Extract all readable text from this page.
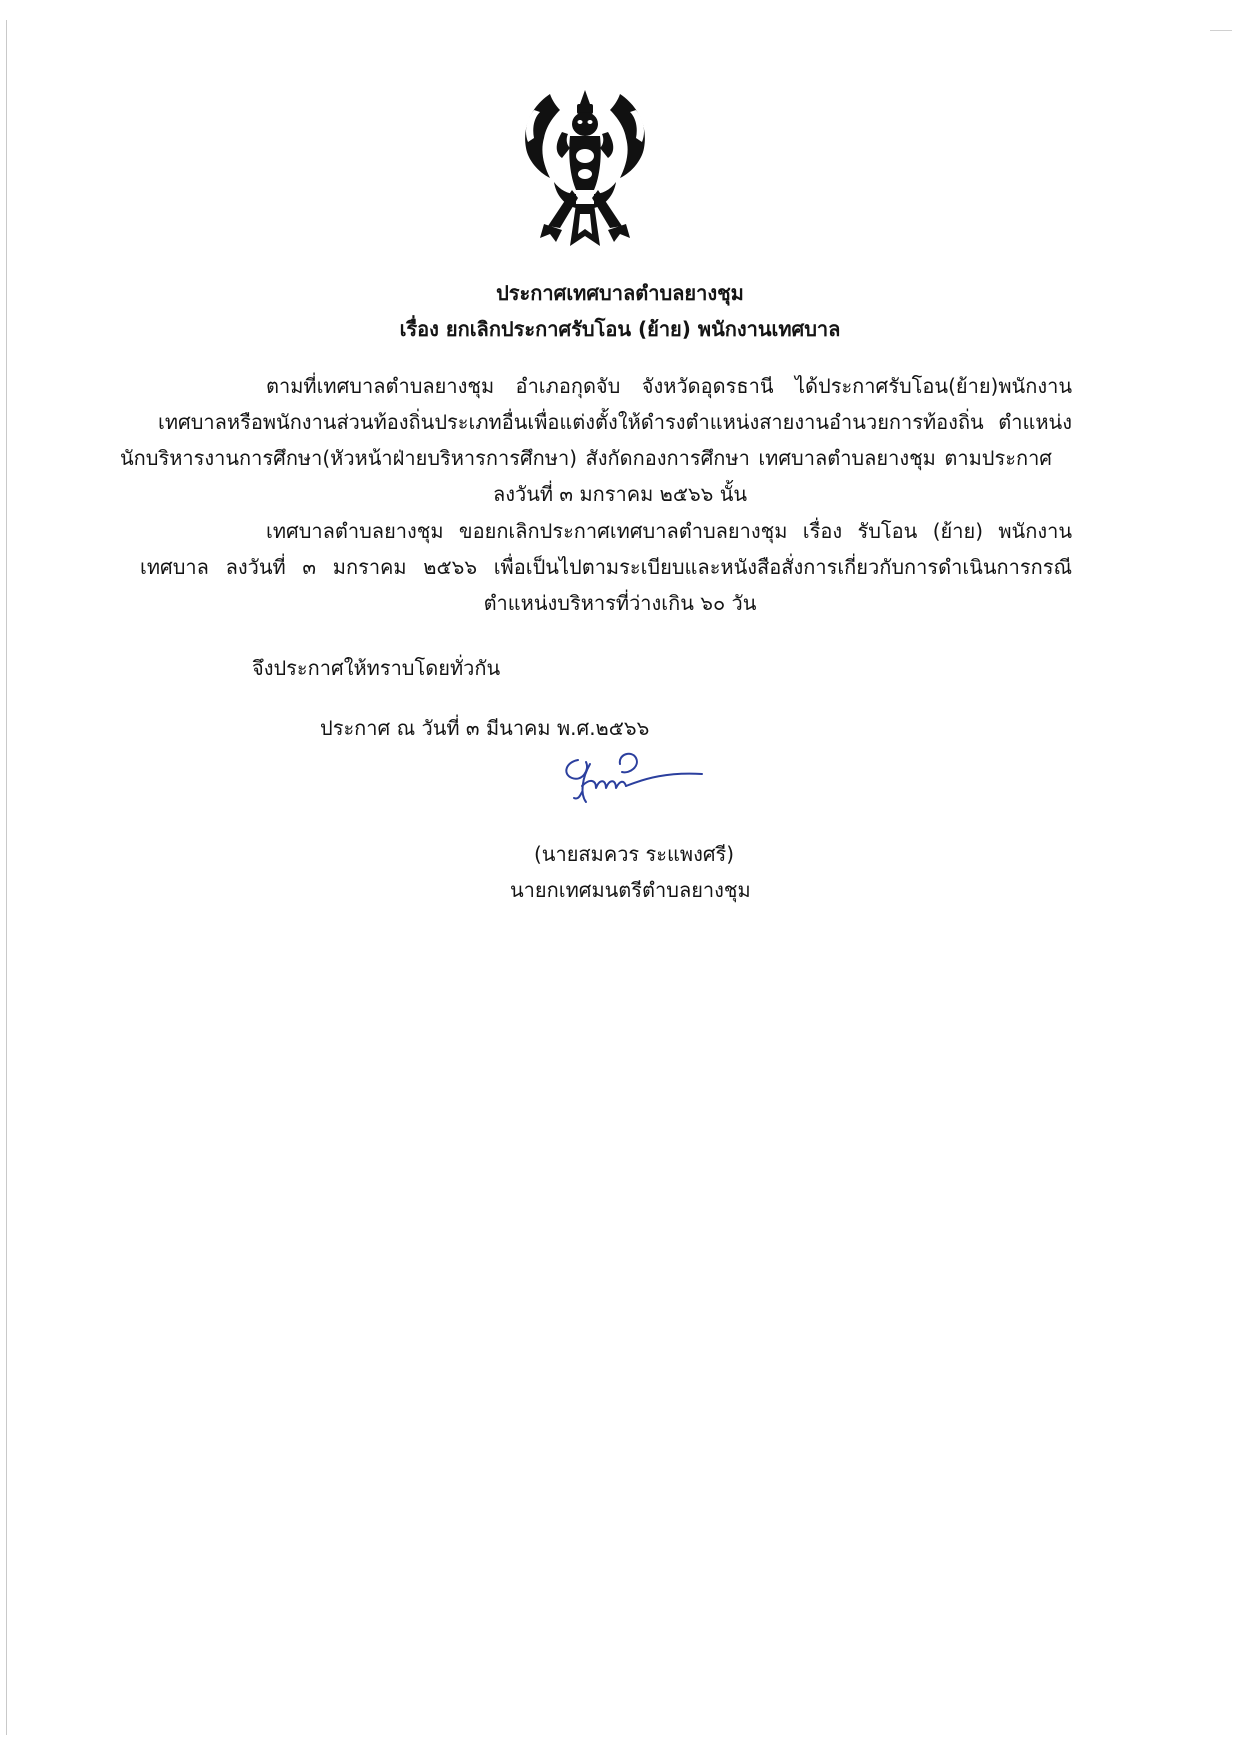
ประกาศเทศบาลตำบลยางชุม
เรื่อง ยกเลิกประกาศรับโอน (ย้าย) พนักงานเทศบาล
ตามที่เทศบาลตำบลยางชุม อำเภอกุดจับ จังหวัดอุดรธานี ได้ประกาศรับโอน(ย้าย)พนักงาน
เทศบาลหรือพนักงานส่วนท้องถิ่นประเภทอื่นเพื่อแต่งตั้งให้ดำรงตำแหน่งสายงานอำนวยการท้องถิ่น ตำแหน่ง
นักบริหารงานการศึกษา(หัวหน้าฝ่ายบริหารการศึกษา) สังกัดกองการศึกษา เทศบาลตำบลยางชุม ตามประกาศ
ลงวันที่ ๓ มกราคม ๒๕๖๖ นั้น
เทศบาลตำบลยางชุม ขอยกเลิกประกาศเทศบาลตำบลยางชุม เรื่อง รับโอน (ย้าย) พนักงาน
เทศบาล ลงวันที่ ๓ มกราคม ๒๕๖๖ เพื่อเป็นไปตามระเบียบและหนังสือสั่งการเกี่ยวกับการดำเนินการกรณี
ตำแหน่งบริหารที่ว่างเกิน ๖๐ วัน
จึงประกาศให้ทราบโดยทั่วกัน
ประกาศ ณ วันที่ ๓ มีนาคม พ.ศ.๒๕๖๖
(นายสมควร ระแพงศรี)
นายกเทศมนตรีตำบลยางชุม
